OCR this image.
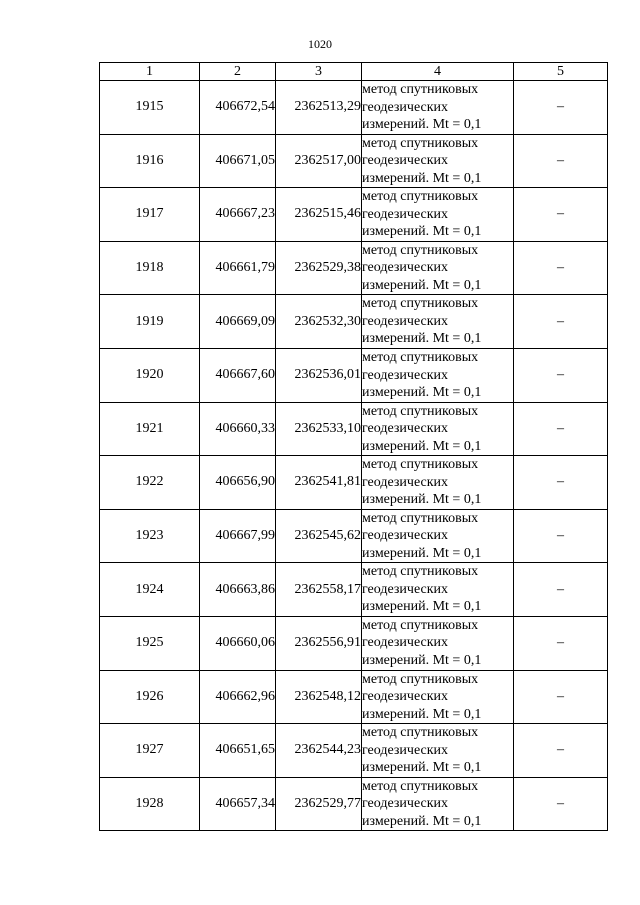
1020
1	2	3	4	5
1915	406672,54	2362513,29	метод спутниковых
геодезических
измерений. Mt = 0,1	–
1916	406671,05	2362517,00	метод спутниковых
геодезических
измерений. Mt = 0,1	–
1917	406667,23	2362515,46	метод спутниковых
геодезических
измерений. Mt = 0,1	–
1918	406661,79	2362529,38	метод спутниковых
геодезических
измерений. Mt = 0,1	–
1919	406669,09	2362532,30	метод спутниковых
геодезических
измерений. Mt = 0,1	–
1920	406667,60	2362536,01	метод спутниковых
геодезических
измерений. Mt = 0,1	–
1921	406660,33	2362533,10	метод спутниковых
геодезических
измерений. Mt = 0,1	–
1922	406656,90	2362541,81	метод спутниковых
геодезических
измерений. Mt = 0,1	–
1923	406667,99	2362545,62	метод спутниковых
геодезических
измерений. Mt = 0,1	–
1924	406663,86	2362558,17	метод спутниковых
геодезических
измерений. Mt = 0,1	–
1925	406660,06	2362556,91	метод спутниковых
геодезических
измерений. Mt = 0,1	–
1926	406662,96	2362548,12	метод спутниковых
геодезических
измерений. Mt = 0,1	–
1927	406651,65	2362544,23	метод спутниковых
геодезических
измерений. Mt = 0,1	–
1928	406657,34	2362529,77	метод спутниковых
геодезических
измерений. Mt = 0,1	–
